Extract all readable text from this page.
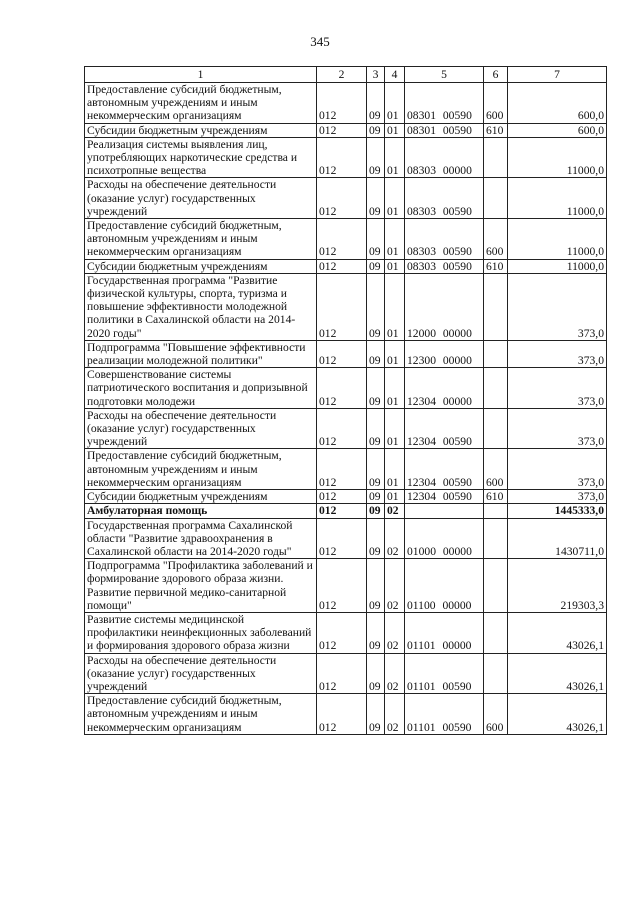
345
1	2	3	4	5	6	7
Предоставление субсидий бюджетным, автономным учреждениям и иным некоммерческим организациям	012	09	01	08301 00590	600	600,0
Субсидии бюджетным учреждениям	012	09	01	08301 00590	610	600,0
Реализация системы выявления лиц, употребляющих наркотические средства и психотропные вещества	012	09	01	08303 00000		11000,0
Расходы на обеспечение деятельности (оказание услуг) государственных учреждений	012	09	01	08303 00590		11000,0
Предоставление субсидий бюджетным, автономным учреждениям и иным некоммерческим организациям	012	09	01	08303 00590	600	11000,0
Субсидии бюджетным учреждениям	012	09	01	08303 00590	610	11000,0
Государственная программа "Развитие физической культуры, спорта, туризма и повышение эффективности молодежной политики в Сахалинской области на 2014-2020 годы"	012	09	01	12000 00000		373,0
Подпрограмма "Повышение эффективности реализации молодежной политики"	012	09	01	12300 00000		373,0
Совершенствование системы патриотического воспитания и допризывной подготовки молодежи	012	09	01	12304 00000		373,0
Расходы на обеспечение деятельности (оказание услуг) государственных учреждений	012	09	01	12304 00590		373,0
Предоставление субсидий бюджетным, автономным учреждениям и иным некоммерческим организациям	012	09	01	12304 00590	600	373,0
Субсидии бюджетным учреждениям	012	09	01	12304 00590	610	373,0
Амбулаторная помощь	012	09	02			1445333,0
Государственная программа Сахалинской области "Развитие здравоохранения в Сахалинской области на 2014-2020 годы"	012	09	02	01000 00000		1430711,0
Подпрограмма "Профилактика заболеваний и формирование здорового образа жизни. Развитие первичной медико-санитарной помощи"	012	09	02	01100 00000		219303,3
Развитие системы медицинской профилактики неинфекционных заболеваний и формирования здорового образа жизни	012	09	02	01101 00000		43026,1
Расходы на обеспечение деятельности (оказание услуг) государственных учреждений	012	09	02	01101 00590		43026,1
Предоставление субсидий бюджетным, автономным учреждениям и иным некоммерческим организациям	012	09	02	01101 00590	600	43026,1
